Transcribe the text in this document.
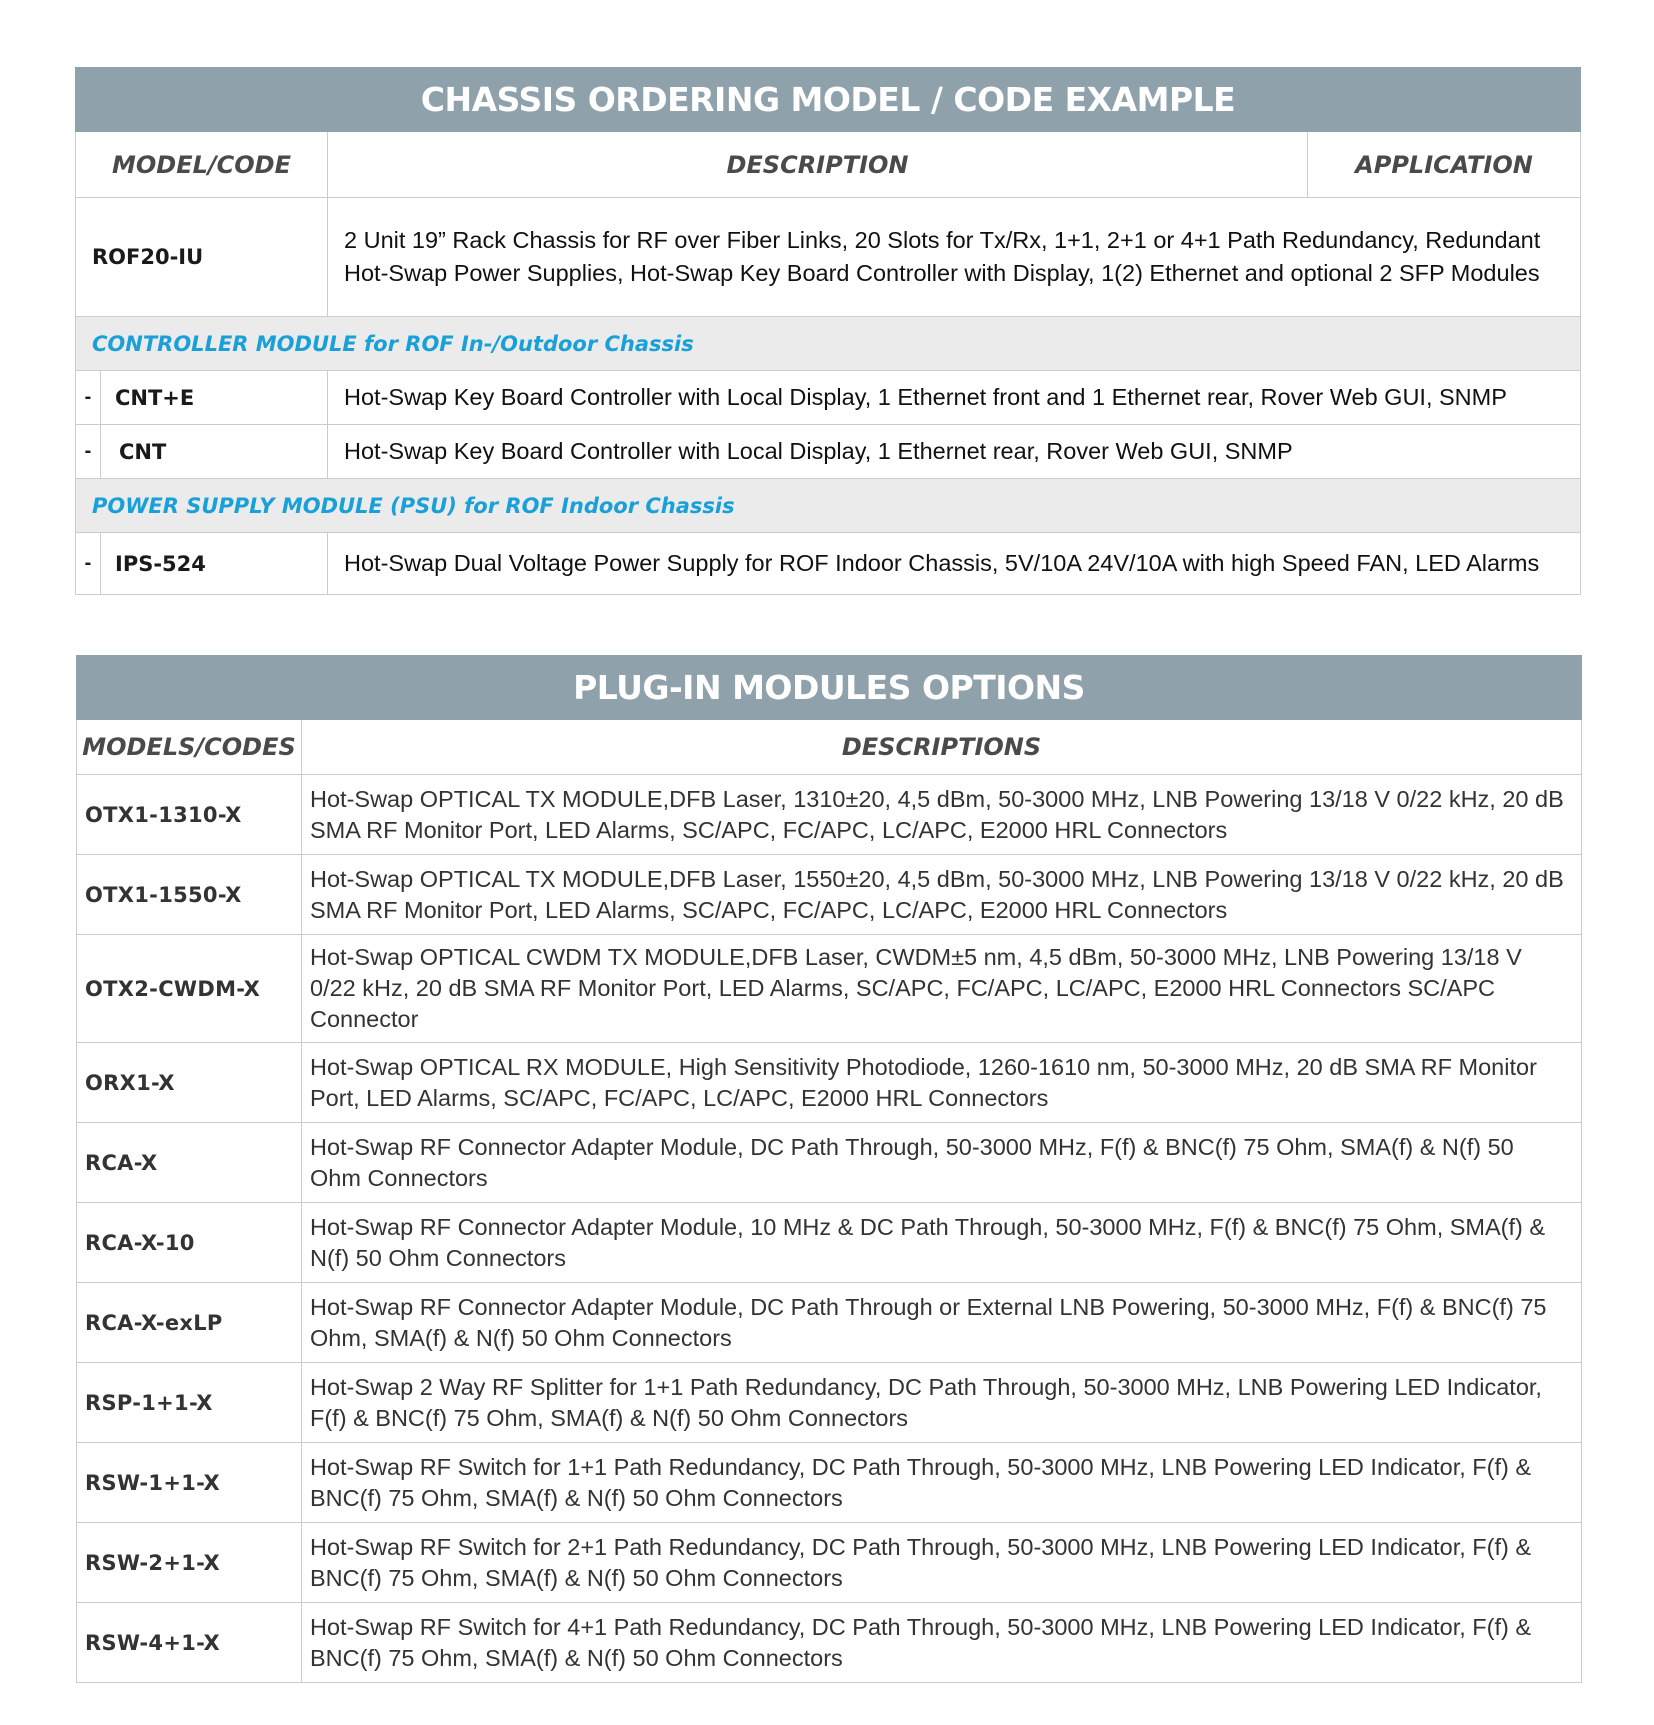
CHASSIS ORDERING MODEL / CODE EXAMPLE			
MODEL/CODE		DESCRIPTION	APPLICATION
ROF20-IU		2 Unit 19” Rack Chassis for RF over Fiber Links, 20 Slots for Tx/Rx, 1+1, 2+1 or 4+1 Path Redundancy, Redundant Hot-Swap Power Supplies, Hot-Swap Key Board Controller with Display, 1(2) Ethernet and optional 2 SFP Modules	
CONTROLLER MODULE for ROF In-/Outdoor Chassis			
-	CNT+E	Hot-Swap Key Board Controller with Local Display, 1 Ethernet front and 1 Ethernet rear, Rover Web GUI, SNMP	
-	CNT	Hot-Swap Key Board Controller with Local Display, 1 Ethernet rear, Rover Web GUI, SNMP	
POWER SUPPLY MODULE (PSU) for ROF Indoor Chassis			
-	IPS-524	Hot-Swap Dual Voltage Power Supply for ROF Indoor Chassis, 5V/10A 24V/10A with high Speed FAN, LED Alarms	
PLUG-IN MODULES OPTIONS	
MODELS/CODES	DESCRIPTIONS
OTX1-1310-X	Hot-Swap OPTICAL TX MODULE,DFB Laser, 1310±20, 4,5 dBm, 50-3000 MHz, LNB Powering 13/18 V 0/22 kHz, 20 dB SMA RF Monitor Port, LED Alarms, SC/APC, FC/APC, LC/APC, E2000 HRL Connectors
OTX1-1550-X	Hot-Swap OPTICAL TX MODULE,DFB Laser, 1550±20, 4,5 dBm, 50-3000 MHz, LNB Powering 13/18 V 0/22 kHz, 20 dB SMA RF Monitor Port, LED Alarms, SC/APC, FC/APC, LC/APC, E2000 HRL Connectors
OTX2-CWDM-X	Hot-Swap OPTICAL CWDM TX MODULE,DFB Laser, CWDM±5 nm, 4,5 dBm, 50-3000 MHz, LNB Powering 13/18 V 0/22 kHz, 20 dB SMA RF Monitor Port, LED Alarms, SC/APC, FC/APC, LC/APC, E2000 HRL Connectors SC/APC Connector
ORX1-X	Hot-Swap OPTICAL RX MODULE, High Sensitivity Photodiode, 1260-1610 nm, 50-3000 MHz, 20 dB SMA RF Monitor Port, LED Alarms, SC/APC, FC/APC, LC/APC, E2000 HRL Connectors
RCA-X	Hot-Swap RF Connector Adapter Module, DC Path Through, 50-3000 MHz, F(f) & BNC(f) 75 Ohm, SMA(f) & N(f) 50 Ohm Connectors
RCA-X-10	Hot-Swap RF Connector Adapter Module, 10 MHz & DC Path Through, 50-3000 MHz, F(f) & BNC(f) 75 Ohm, SMA(f) & N(f) 50 Ohm Connectors
RCA-X-exLP	Hot-Swap RF Connector Adapter Module, DC Path Through or External LNB Powering, 50-3000 MHz, F(f) & BNC(f) 75 Ohm, SMA(f) & N(f) 50 Ohm Connectors
RSP-1+1-X	Hot-Swap 2 Way RF Splitter for 1+1 Path Redundancy, DC Path Through, 50-3000 MHz, LNB Powering LED Indicator, F(f) & BNC(f) 75 Ohm, SMA(f) & N(f) 50 Ohm Connectors
RSW-1+1-X	Hot-Swap RF Switch for 1+1 Path Redundancy, DC Path Through, 50-3000 MHz, LNB Powering LED Indicator, F(f) & BNC(f) 75 Ohm, SMA(f) & N(f) 50 Ohm Connectors
RSW-2+1-X	Hot-Swap RF Switch for 2+1 Path Redundancy, DC Path Through, 50-3000 MHz, LNB Powering LED Indicator, F(f) & BNC(f) 75 Ohm, SMA(f) & N(f) 50 Ohm Connectors
RSW-4+1-X	Hot-Swap RF Switch for 4+1 Path Redundancy, DC Path Through, 50-3000 MHz, LNB Powering LED Indicator, F(f) & BNC(f) 75 Ohm, SMA(f) & N(f) 50 Ohm Connectors
